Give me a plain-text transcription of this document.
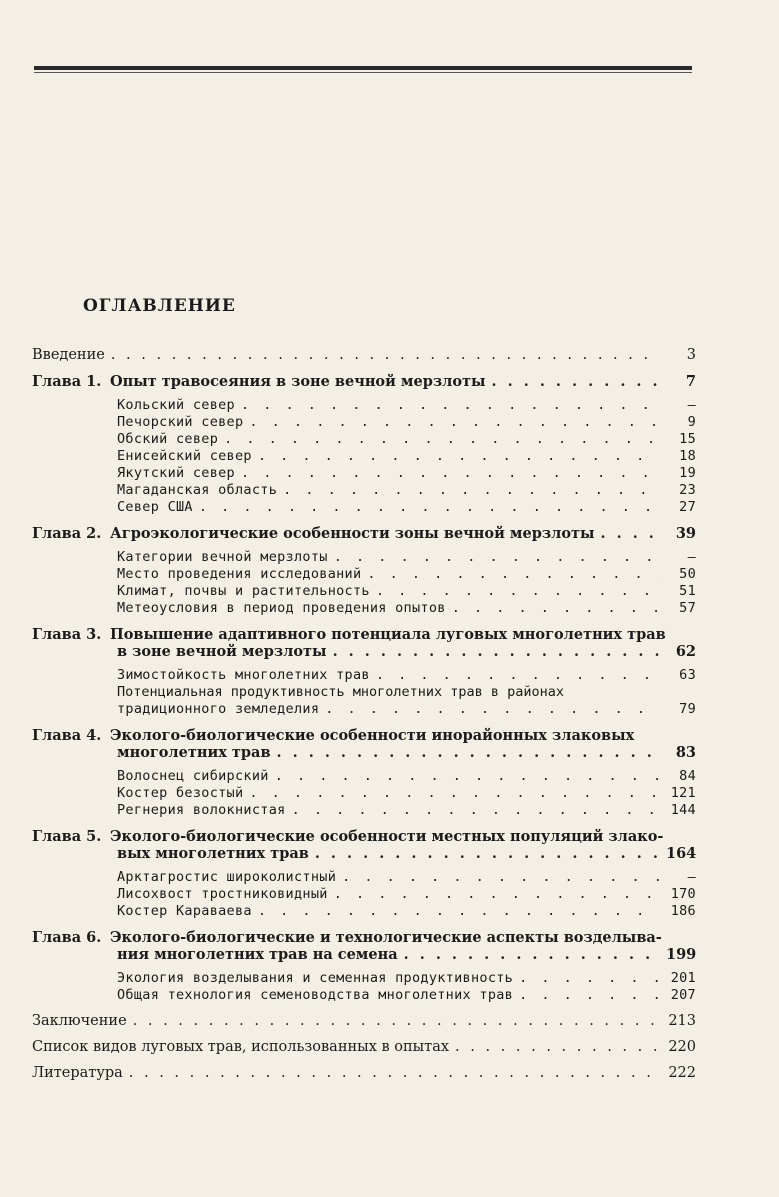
ОГЛАВЛЕНИЕ
Введение . . .	3
Глава 1. Опыт травосеяния в зоне вечной мерзлоты . . .	7
Кольский север . . .	—
Печорский север . . .	9
Обский север . . .	15
Енисейский север . . .	18
Якутский север . . .	19
Магаданская область . . .	23
Север США . . .	27
Глава 2. Агроэкологические особенности зоны вечной мерзлоты . . .	39
Категории вечной мерзлоты . . .	—
Место проведения исследований . . .	50
Климат, почвы и растительность . . .	51
Метеоусловия в период проведения опытов . . .	57
Глава 3. Повышение адаптивного потенциала луговых многолетних трав
в зоне вечной мерзлоты . . .	62
Зимостойкость многолетних трав . . .	63
Потенциальная продуктивность многолетних трав в районах
традиционного земледелия . . .	79
Глава 4. Эколого-биологические особенности инорайонных злаковых
многолетних трав . . .	83
Волоснец сибирский . . .	84
Костер безостый . . .	121
Регнерия волокнистая . . .	144
Глава 5. Эколого-биологические особенности местных популяций злако-
вых многолетних трав . . .	164
Арктагростис широколистный . . .	—
Лисохвост тростниковидный . . .	170
Костер Караваева . . .	186
Глава 6. Эколого-биологические и технологические аспекты возделыва-
ния многолетних трав на семена . . .	199
Экология возделывания и семенная продуктивность . . .	201
Общая технология семеноводства многолетних трав . . .	207
Заключение . . .	213
Список видов луговых трав, использованных в опытах . . .	220
Литература . . .	222
